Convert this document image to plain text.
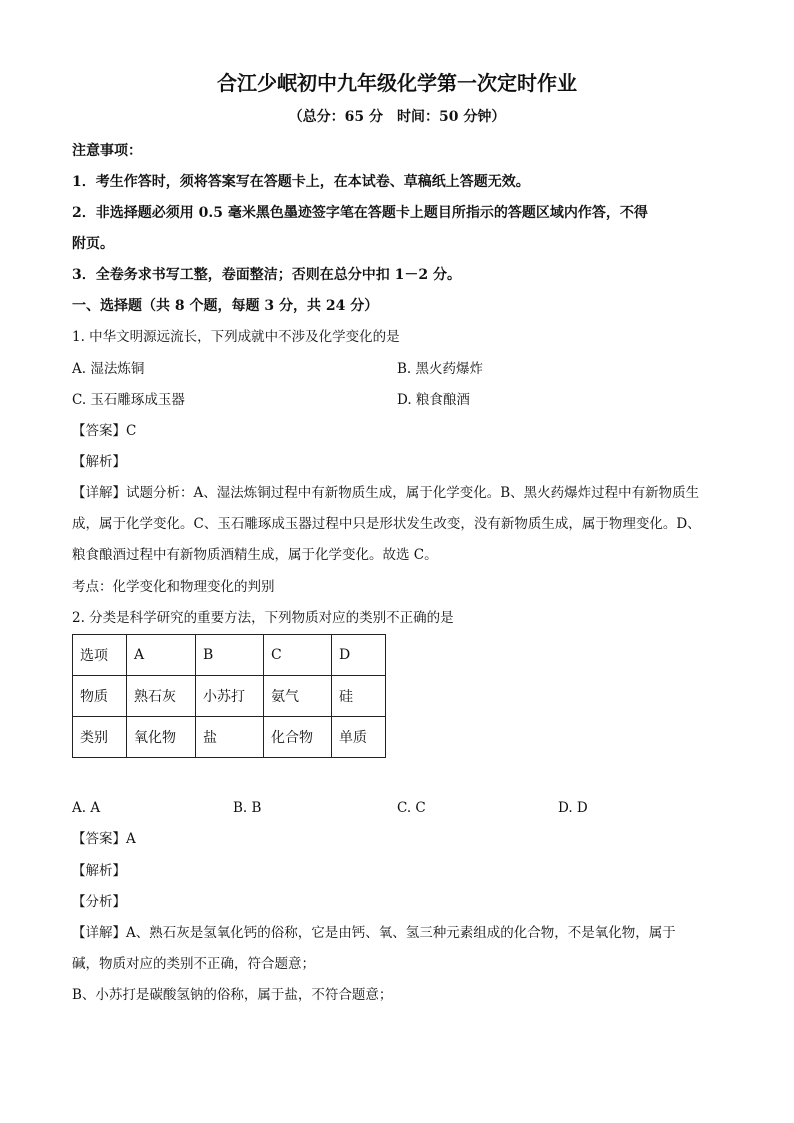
合江少岷初中九年级化学第一次定时作业
（总分：65 分　时间：50 分钟）
注意事项：
1．考生作答时，须将答案写在答题卡上，在本试卷、草稿纸上答题无效。
2．非选择题必须用 0.5 毫米黑色墨迹签字笔在答题卡上题目所指示的答题区域内作答，不得
附页。
3．全卷务求书写工整，卷面整洁；否则在总分中扣 1－2 分。
一、选择题（共 8 个题，每题 3 分，共 24 分）
1. 中华文明源远流长，下列成就中不涉及化学变化的是
A. 湿法炼铜	B. 黑火药爆炸
C. 玉石雕琢成玉器	D. 粮食酿酒
【答案】C
【解析】
【详解】试题分析：A、湿法炼铜过程中有新物质生成，属于化学变化。B、黑火药爆炸过程中有新物质生
成，属于化学变化。C、玉石雕琢成玉器过程中只是形状发生改变，没有新物质生成，属于物理变化。D、
粮食酿酒过程中有新物质酒精生成，属于化学变化。故选 C。
考点：化学变化和物理变化的判别
2. 分类是科学研究的重要方法，下列物质对应的类别不正确的是
选项	A	B	C	D
物质	熟石灰	小苏打	氨气	硅
类别	氧化物	盐	化合物	单质
A. A	B. B	C. C	D. D
【答案】A
【解析】
【分析】
【详解】A、熟石灰是氢氧化钙的俗称，它是由钙、氧、氢三种元素组成的化合物，不是氧化物，属于
碱，物质对应的类别不正确，符合题意；
B、小苏打是碳酸氢钠的俗称，属于盐，不符合题意；
